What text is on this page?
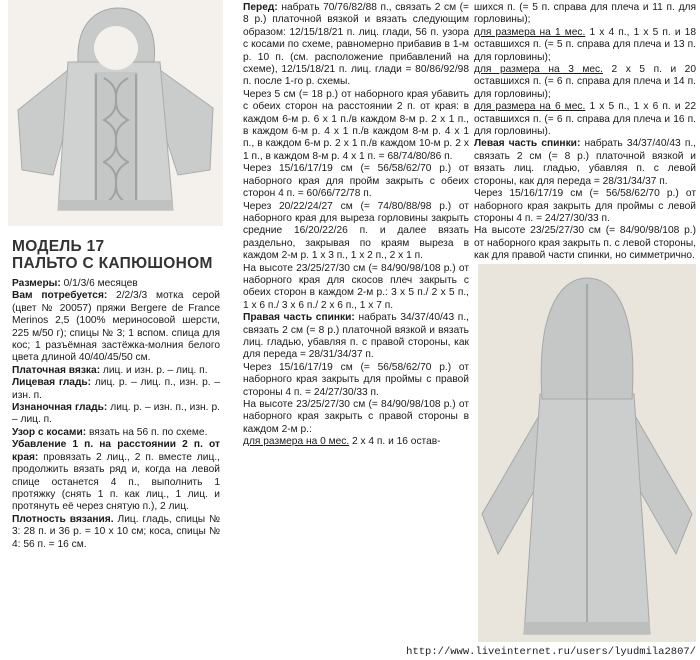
МОДЕЛЬ 17
ПАЛЬТО С КАПЮШОНОМ

Размеры: 0/1/3/6 месяцев

Вам потребуется: 2/2/3/3 мотка серой (цвет № 20057) пряжи Bergere de France Merinos 2,5 (100% мериносовой шерсти, 225 м/50 г); спицы № 3; 1 вспом. спица для кос; 1 разъёмная застёжка-молния белого цвета длиной 40/40/45/50 см.

Платочная вязка: лиц. и изн. р. – лиц. п.

Лицевая гладь: лиц. р. – лиц. п., изн. р. – изн. п.

Изнаночная гладь: лиц. р. – изн. п., изн. р. – лиц. п.

Узор с косами: вязать на 56 п. по схеме.

Убавление 1 п. на расстоянии 2 п. от края: провязать 2 лиц., 2 п. вместе лиц., продолжить вязать ряд и, когда на левой спице останется 4 п., выполнить 1 протяжку (снять 1 п. как лиц., 1 лиц. и протянуть её через снятую п.), 2 лиц.

Плотность вязания. Лиц. гладь, спицы № 3: 28 п. и 36 р. = 10 х 10 см; коса, спицы № 4: 56 п. = 16 см.

Перед: набрать 70/76/82/88 п., связать 2 см (= 8 р.) платочной вязкой и вязать следующим образом: 12/15/18/21 п. лиц. глади, 56 п. узора с косами по схеме, равномерно прибавив в 1-м р. 10 п. (см. расположение прибавлений на схеме), 12/15/18/21 п. лиц. глади = 80/86/92/98 п. после 1-го р. схемы.

Через 5 см (= 18 р.) от наборного края убавить с обеих сторон на расстоянии 2 п. от края: в каждом 6-м р. 6 х 1 п./в каждом 8-м р. 2 х 1 п., в каждом 6-м р. 4 х 1 п./в каждом 8-м р. 4 х 1 п., в каждом 6-м р. 2 х 1 п./в каждом 10-м р. 2 х 1 п., в каждом 8-м р. 4 х 1 п. = 68/74/80/86 п.

Через 15/16/17/19 см (= 56/58/62/70 р.) от наборного края для пройм закрыть с обеих сторон 4 п. = 60/66/72/78 п.

Через 20/22/24/27 см (= 74/80/88/98 р.) от наборного края для выреза горловины закрыть средние 16/20/22/26 п. и далее вязать раздельно, закрывая по краям выреза в каждом 2-м р. 1 х 3 п., 1 х 2 п., 2 х 1 п.

На высоте 23/25/27/30 см (= 84/90/98/108 р.) от наборного края для скосов плеч закрыть с обеих сторон в каждом 2-м р.: 3 х 5 п./ 2 х 5 п., 1 х 6 п./ 3 х 6 п./ 2 х 6 п., 1 х 7 п.

Правая часть спинки: набрать 34/37/40/43 п., связать 2 см (= 8 р.) платочной вязкой и вязать лиц. гладью, убавляя п. с правой стороны, как для переда = 28/31/34/37 п.

Через 15/16/17/19 см (= 56/58/62/70 р.) от наборного края закрыть для проймы с правой стороны 4 п. = 24/27/30/33 п.

На высоте 23/25/27/30 см (= 84/90/98/108 р.) от наборного края закрыть с правой стороны в каждом 2-м р.:

для размера на 0 мес. 2 х 4 п. и 16 остав-

шихся п. (= 5 п. справа для плеча и 11 п. для горловины);

для размера на 1 мес. 1 х 4 п., 1 х 5 п. и 18 оставшихся п. (= 5 п. справа для плеча и 13 п. для горловины);

для размера на 3 мес. 2 х 5 п. и 20 оставшихся п. (= 6 п. справа для плеча и 14 п. для горловины);

для размера на 6 мес. 1 х 5 п., 1 х 6 п. и 22 оставшихся п. (= 6 п. справа для плеча и 16 п. для горловины).

Левая часть спинки: набрать 34/37/40/43 п., связать 2 см (= 8 р.) платочной вязкой и вязать лиц. гладью, убавляя п. с левой стороны, как для переда = 28/31/34/37 п.

Через 15/16/17/19 см (= 56/58/62/70 р.) от наборного края закрыть для проймы с левой стороны 4 п. = 24/27/30/33 п.

На высоте 23/25/27/30 см (= 84/90/98/108 р.) от наборного края закрыть п. с левой стороны, как для правой части спинки, но симметрично.

http://www.liveinternet.ru/users/lyudmila2807/
